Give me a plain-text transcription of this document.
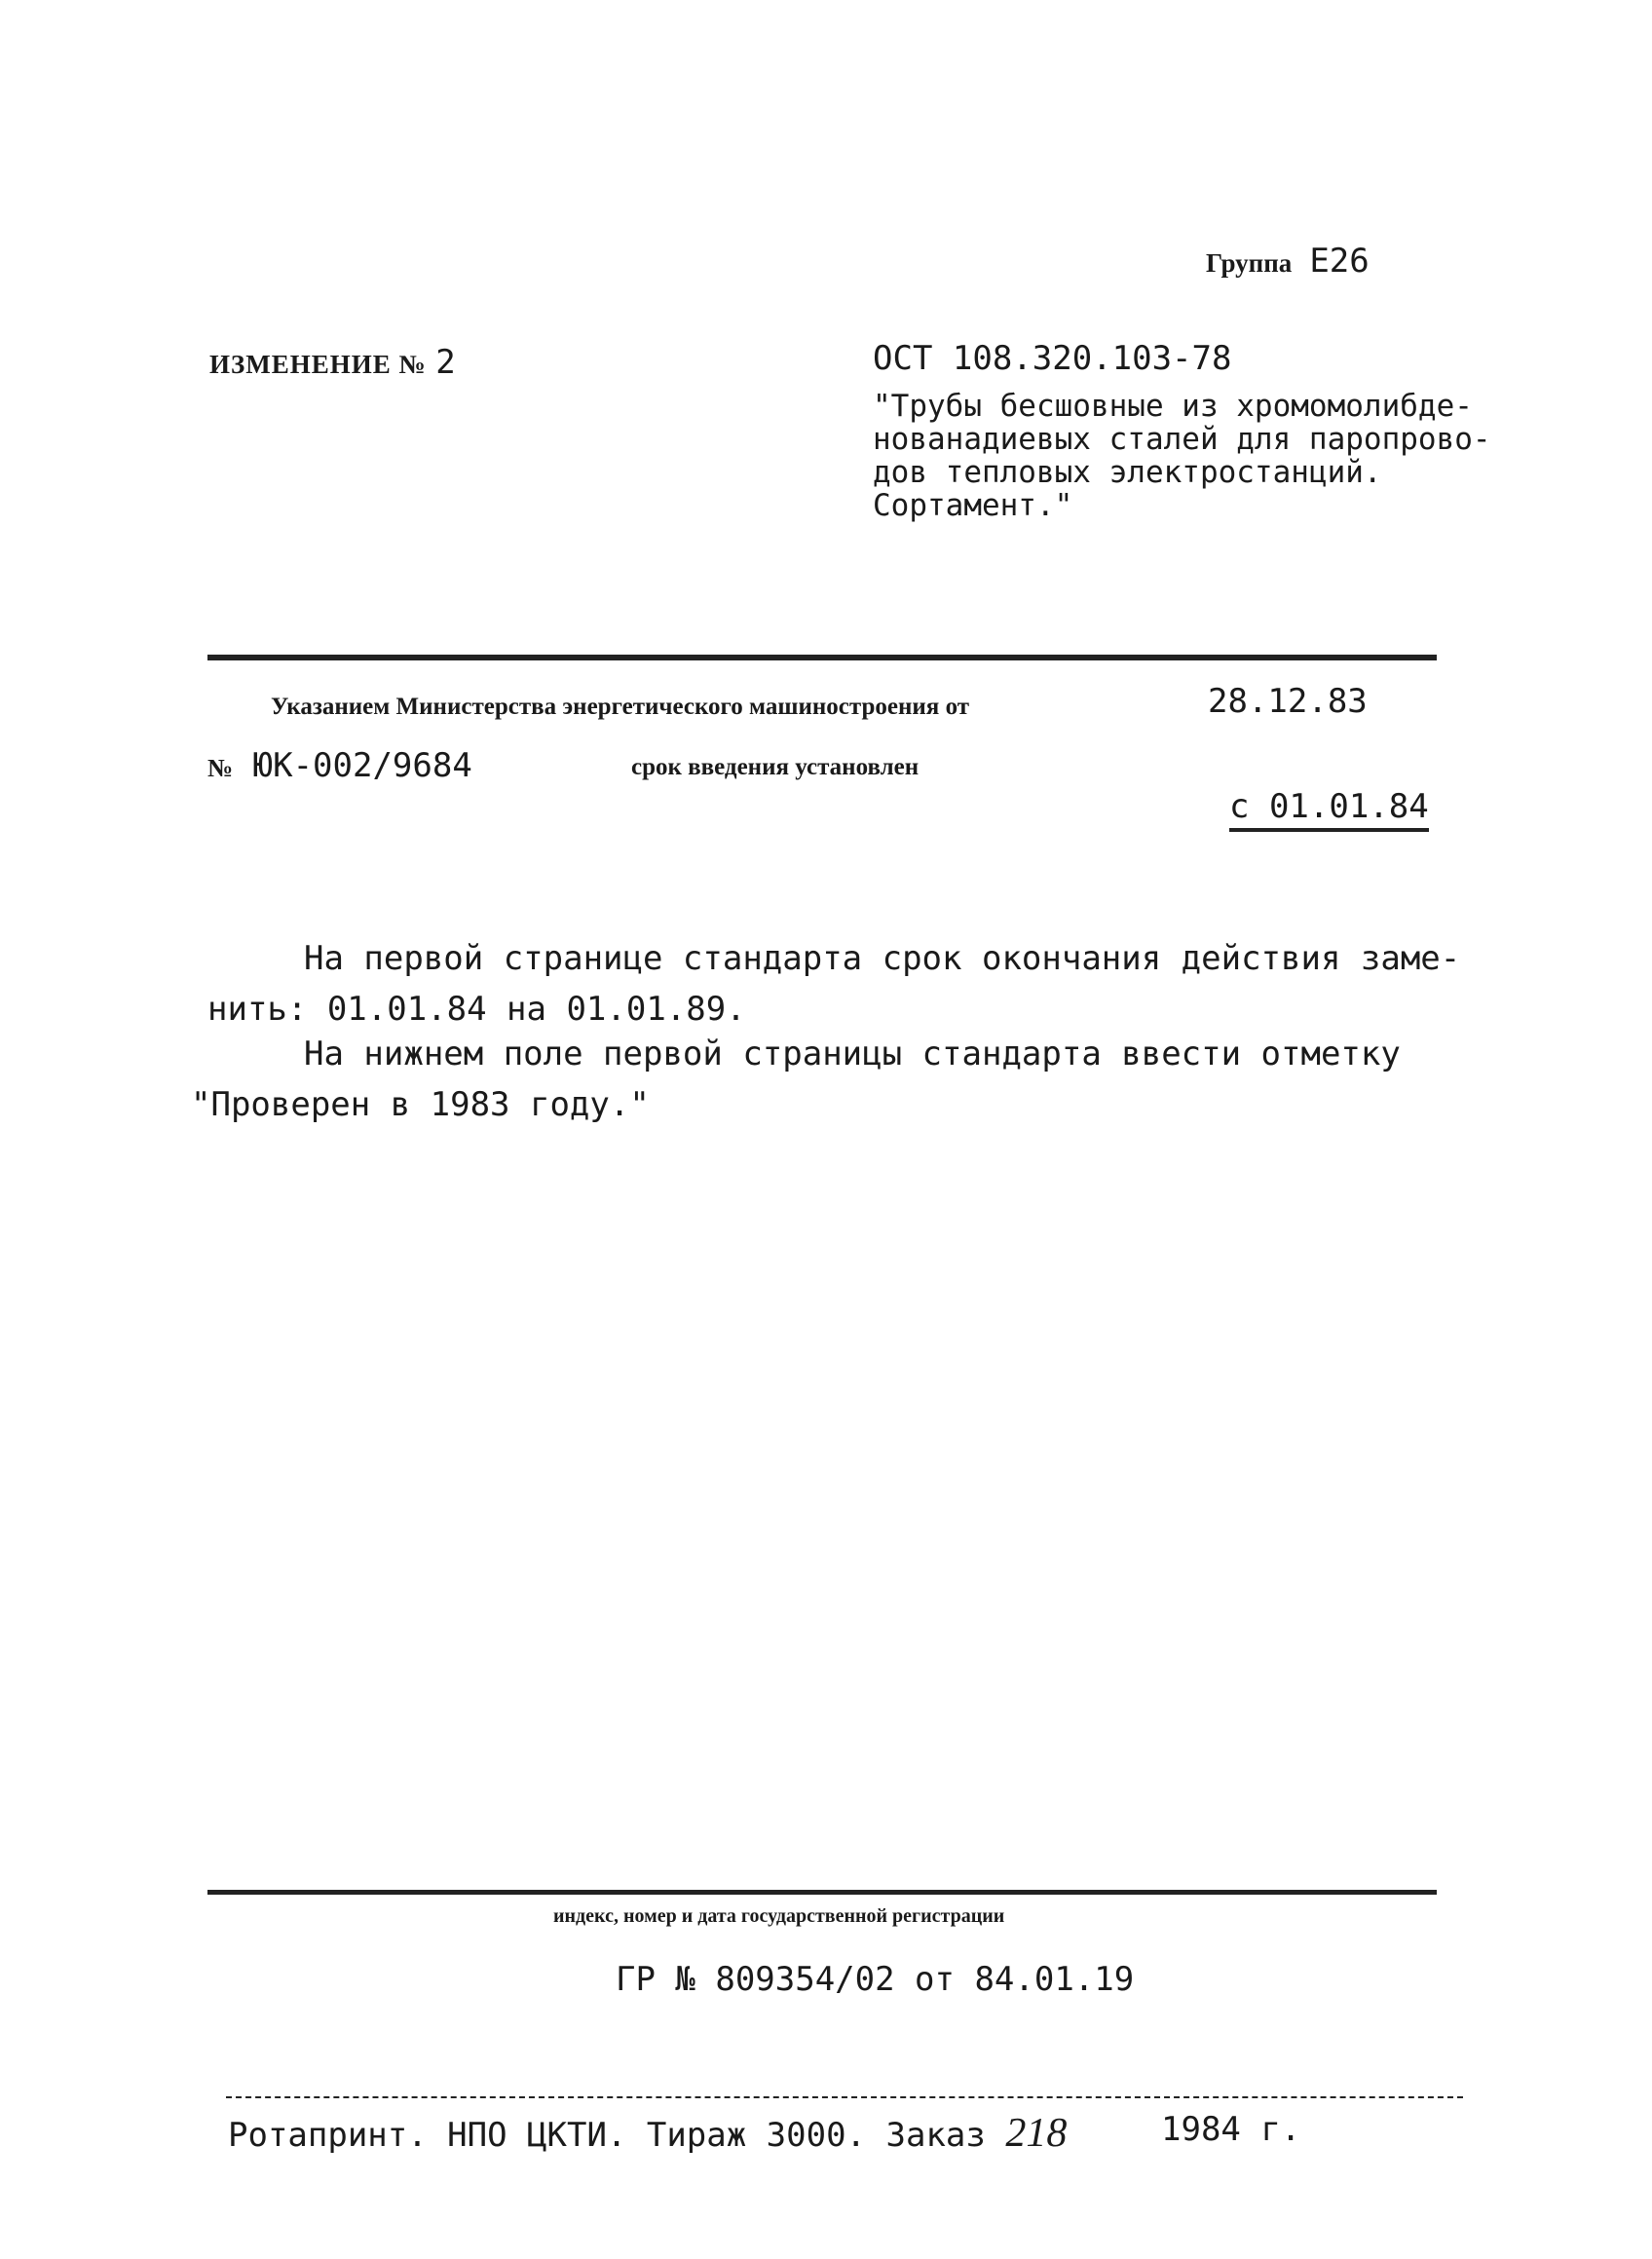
Группа Е26
ИЗМЕНЕНИЕ № 2	ОСТ 108.320.103-78
"Трубы бесшовные из хромомолибде-
нованадиевых сталей для паропрово-
дов тепловых электростанций.
Сортамент."
Указанием Министерства энергетического машиностроения от	28.12.83
№ ЮК-002/9684	срок введения установлен
с 01.01.84
На первой странице стандарта срок окончания действия заме-
нить: 01.01.84 на 01.01.89.
На нижнем поле первой страницы стандарта ввести отметку
"Проверен в 1983 году."
индекс, номер и дата государственной регистрации
ГР № 809354/02 от 84.01.19
Ротапринт. НПО ЦКТИ. Тираж 3000. Заказ 218	1984 г.
